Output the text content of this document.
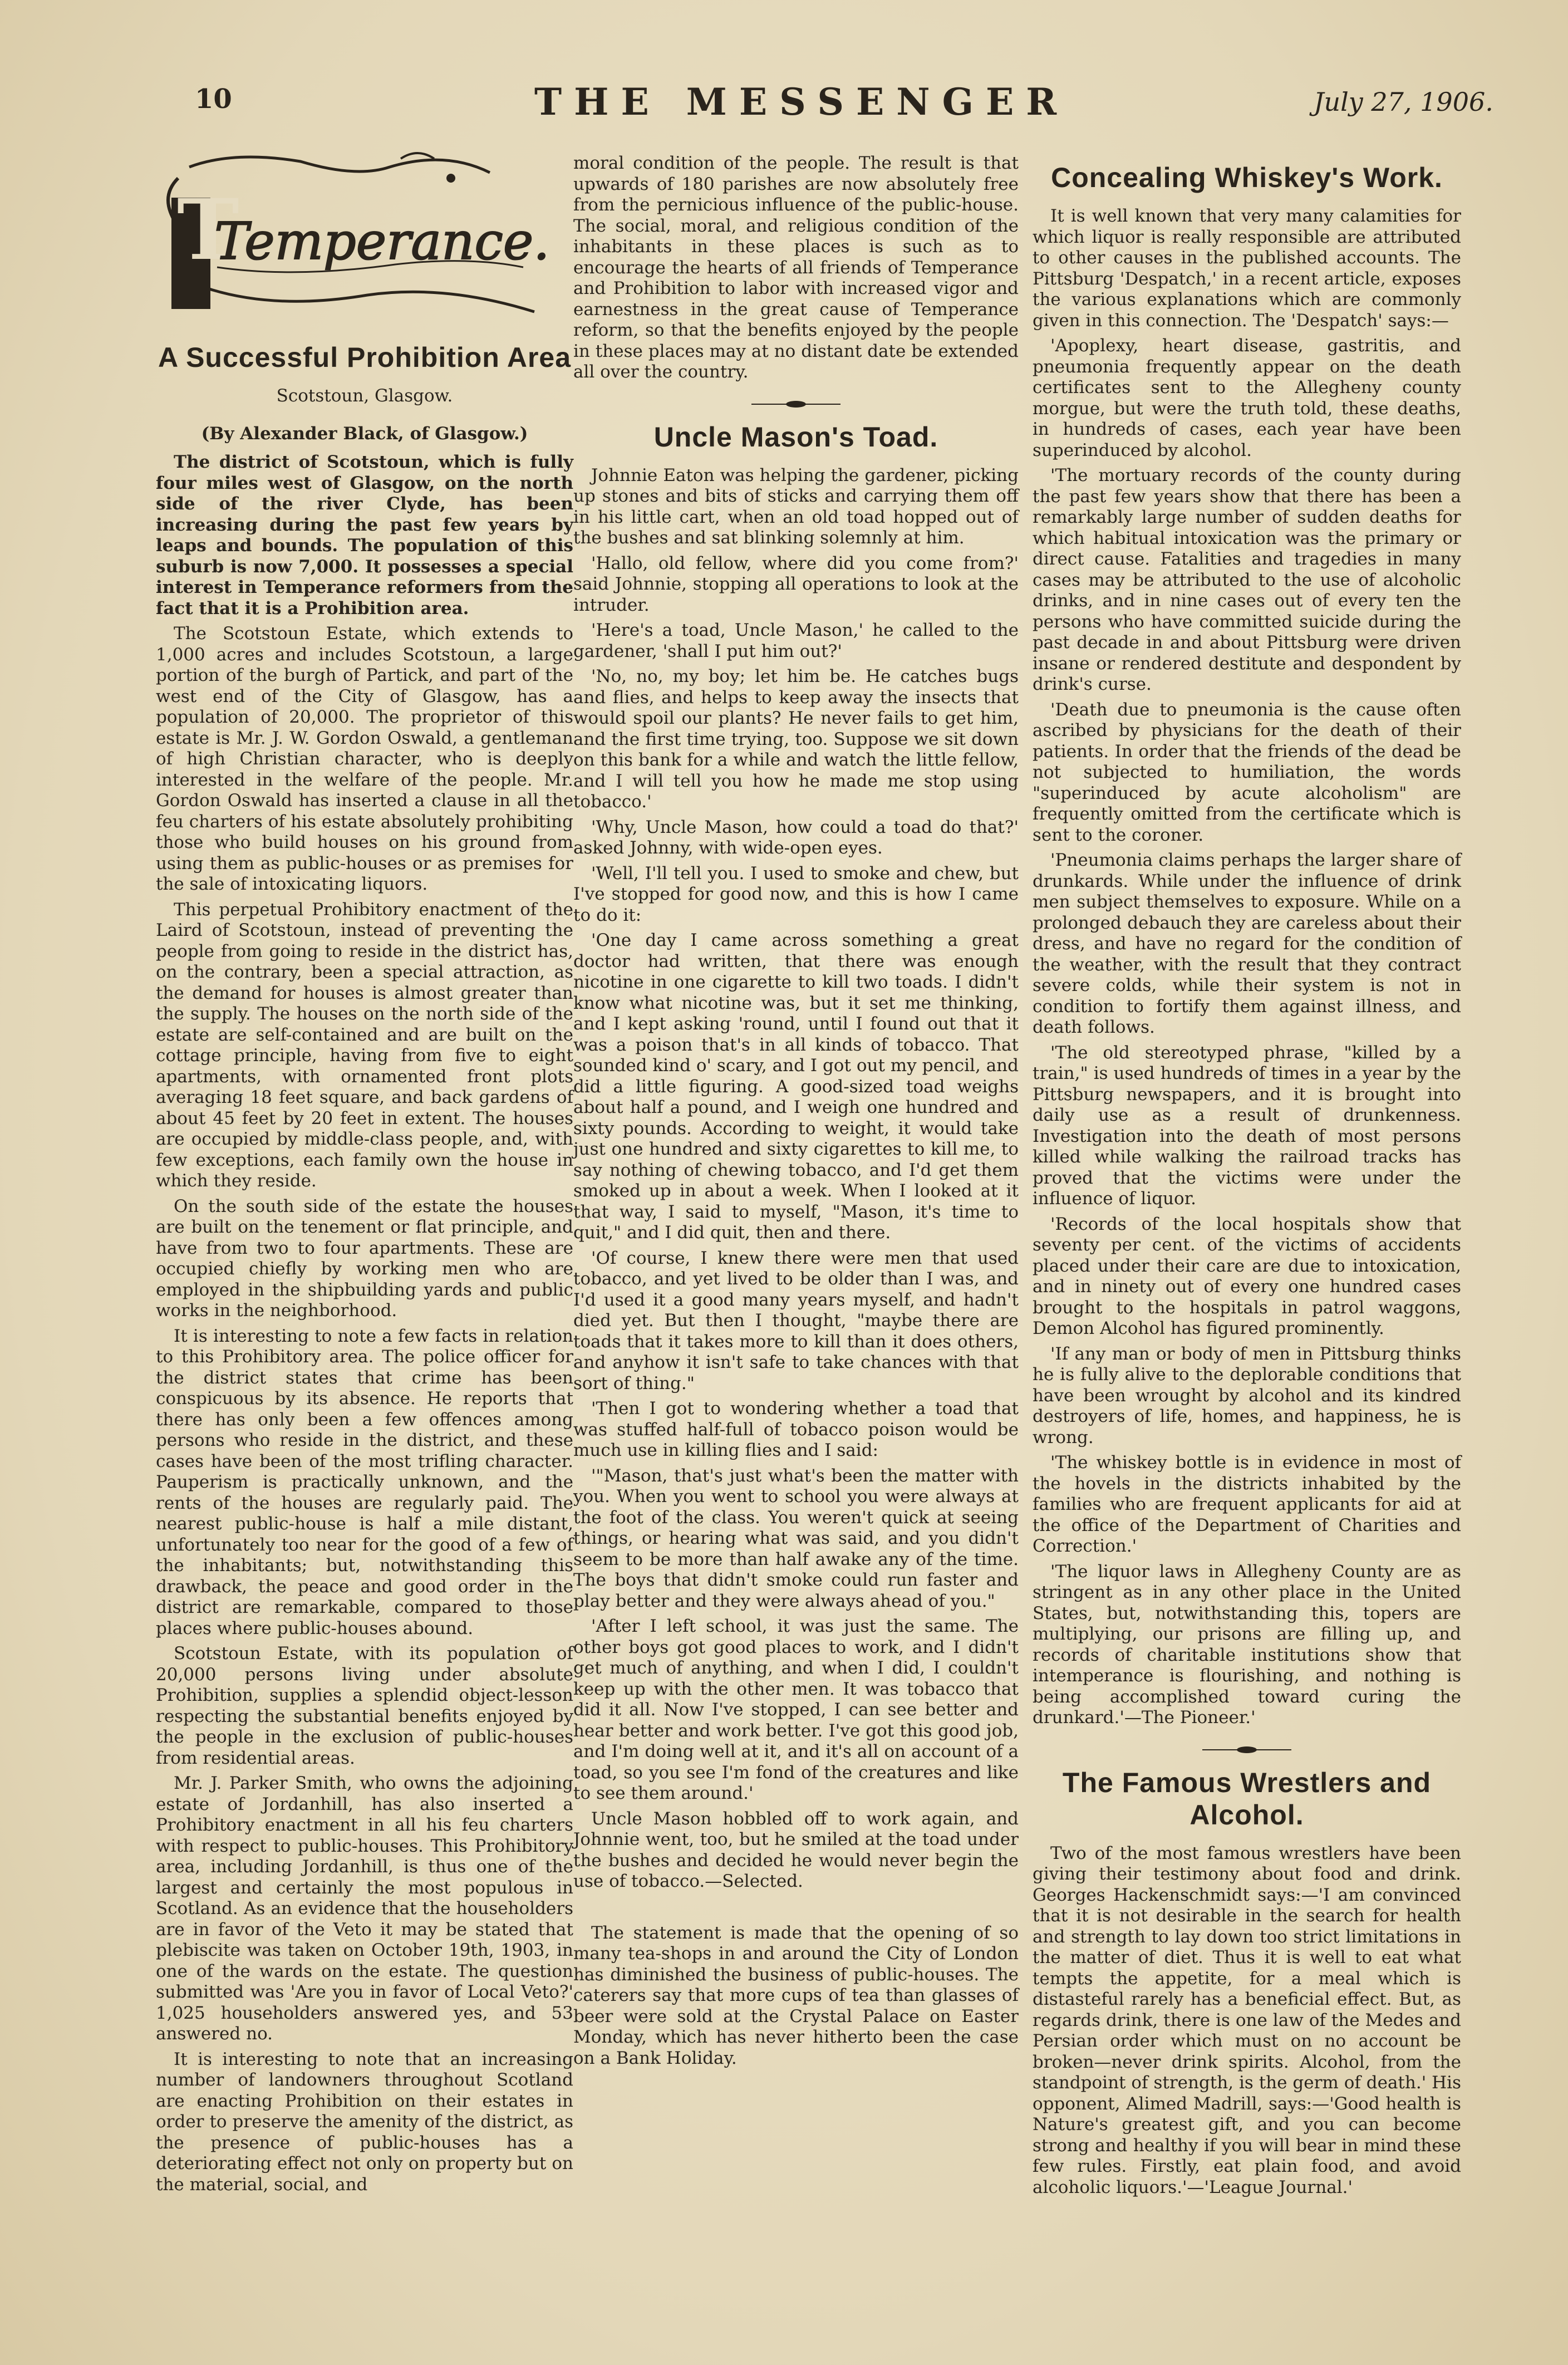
10	THE MESSENGER	July 27, 1906.
T
Temperance.
A Successful Prohibition Area
Scotstoun, Glasgow.
(By Alexander Black, of Glasgow.)

The district of Scotstoun, which is fully four miles west of Glasgow, on the north side of the river Clyde, has been increasing during the past few years by leaps and bounds. The population of this suburb is now 7,000. It possesses a special interest in Temperance reformers from the fact that it is a Prohibition area.

The Scotstoun Estate, which extends to 1,000 acres and includes Scotstoun, a large portion of the burgh of Partick, and part of the west end of the City of Glasgow, has a population of 20,000. The proprietor of this estate is Mr. J. W. Gordon Oswald, a gentleman of high Christian character, who is deeply interested in the welfare of the people. Mr. Gordon Oswald has inserted a clause in all the feu charters of his estate absolutely prohibiting those who build houses on his ground from using them as public-houses or as premises for the sale of intoxicating liquors.

This perpetual Prohibitory enactment of the Laird of Scotstoun, instead of preventing the people from going to reside in the district has, on the contrary, been a special attraction, as the demand for houses is almost greater than the supply. The houses on the north side of the estate are self-contained and are built on the cottage principle, having from five to eight apartments, with ornamented front plots averaging 18 feet square, and back gardens of about 45 feet by 20 feet in extent. The houses are occupied by middle-class people, and, with few exceptions, each family own the house in which they reside.

On the south side of the estate the houses are built on the tenement or flat principle, and have from two to four apartments. These are occupied chiefly by working men who are employed in the shipbuilding yards and public works in the neighborhood.

It is interesting to note a few facts in relation to this Prohibitory area. The police officer for the district states that crime has been conspicuous by its absence. He reports that there has only been a few offences among persons who reside in the district, and these cases have been of the most trifling character. Pauperism is practically unknown, and the rents of the houses are regularly paid. The nearest public-house is half a mile distant, unfortunately too near for the good of a few of the inhabitants; but, notwithstanding this drawback, the peace and good order in the district are remarkable, compared to those places where public-houses abound.

Scotstoun Estate, with its population of 20,000 persons living under absolute Prohibition, supplies a splendid object-lesson respecting the substantial benefits enjoyed by the people in the exclusion of public-houses from residential areas.

Mr. J. Parker Smith, who owns the adjoining estate of Jordanhill, has also inserted a Prohibitory enactment in all his feu charters with respect to public-houses. This Prohibitory area, including Jordanhill, is thus one of the largest and certainly the most populous in Scotland. As an evidence that the householders are in favor of the Veto it may be stated that plebiscite was taken on October 19th, 1903, in one of the wards on the estate. The question submitted was 'Are you in favor of Local Veto?' 1,025 householders answered yes, and 53 answered no.

It is interesting to note that an increasing number of landowners throughout Scotland are enacting Prohibition on their estates in order to preserve the amenity of the district, as the presence of public-houses has a deteriorating effect not only on property but on the material, social, and

moral condition of the people. The result is that upwards of 180 parishes are now absolutely free from the pernicious influence of the public-house. The social, moral, and religious condition of the inhabitants in these places is such as to encourage the hearts of all friends of Temperance and Prohibition to labor with increased vigor and earnestness in the great cause of Temperance reform, so that the benefits enjoyed by the people in these places may at no distant date be extended all over the country.

Uncle Mason's Toad.

Johnnie Eaton was helping the gardener, picking up stones and bits of sticks and carrying them off in his little cart, when an old toad hopped out of the bushes and sat blinking solemnly at him.

'Hallo, old fellow, where did you come from?' said Johnnie, stopping all operations to look at the intruder.

'Here's a toad, Uncle Mason,' he called to the gardener, 'shall I put him out?'

'No, no, my boy; let him be. He catches bugs and flies, and helps to keep away the insects that would spoil our plants? He never fails to get him, and the first time trying, too. Suppose we sit down on this bank for a while and watch the little fellow, and I will tell you how he made me stop using tobacco.'

'Why, Uncle Mason, how could a toad do that?' asked Johnny, with wide-open eyes.

'Well, I'll tell you. I used to smoke and chew, but I've stopped for good now, and this is how I came to do it:

'One day I came across something a great doctor had written, that there was enough nicotine in one cigarette to kill two toads. I didn't know what nicotine was, but it set me thinking, and I kept asking 'round, until I found out that it was a poison that's in all kinds of tobacco. That sounded kind o' scary, and I got out my pencil, and did a little figuring. A good-sized toad weighs about half a pound, and I weigh one hundred and sixty pounds. According to weight, it would take just one hundred and sixty cigarettes to kill me, to say nothing of chewing tobacco, and I'd get them smoked up in about a week. When I looked at it that way, I said to myself, "Mason, it's time to quit," and I did quit, then and there.

'Of course, I knew there were men that used tobacco, and yet lived to be older than I was, and I'd used it a good many years myself, and hadn't died yet. But then I thought, "maybe there are toads that it takes more to kill than it does others, and anyhow it isn't safe to take chances with that sort of thing."

'Then I got to wondering whether a toad that was stuffed half-full of tobacco poison would be much use in killing flies and I said:

'"Mason, that's just what's been the matter with you. When you went to school you were always at the foot of the class. You weren't quick at seeing things, or hearing what was said, and you didn't seem to be more than half awake any of the time. The boys that didn't smoke could run faster and play better and they were always ahead of you."

'After I left school, it was just the same. The other boys got good places to work, and I didn't get much of anything, and when I did, I couldn't keep up with the other men. It was tobacco that did it all. Now I've stopped, I can see better and hear better and work better. I've got this good job, and I'm doing well at it, and it's all on account of a toad, so you see I'm fond of the creatures and like to see them around.'

Uncle Mason hobbled off to work again, and Johnnie went, too, but he smiled at the toad under the bushes and decided he would never begin the use of tobacco.—Selected.

The statement is made that the opening of so many tea-shops in and around the City of London has diminished the business of public-houses. The caterers say that more cups of tea than glasses of beer were sold at the Crystal Palace on Easter Monday, which has never hitherto been the case on a Bank Holiday.

Concealing Whiskey's Work.

It is well known that very many calamities for which liquor is really responsible are attributed to other causes in the published accounts. The Pittsburg 'Despatch,' in a recent article, exposes the various explanations which are commonly given in this connection. The 'Despatch' says:—

'Apoplexy, heart disease, gastritis, and pneumonia frequently appear on the death certificates sent to the Allegheny county morgue, but were the truth told, these deaths, in hundreds of cases, each year have been superinduced by alcohol.

'The mortuary records of the county during the past few years show that there has been a remarkably large number of sudden deaths for which habitual intoxication was the primary or direct cause. Fatalities and tragedies in many cases may be attributed to the use of alcoholic drinks, and in nine cases out of every ten the persons who have committed suicide during the past decade in and about Pittsburg were driven insane or rendered destitute and despondent by drink's curse.

'Death due to pneumonia is the cause often ascribed by physicians for the death of their patients. In order that the friends of the dead be not subjected to humiliation, the words "superinduced by acute alcoholism" are frequently omitted from the certificate which is sent to the coroner.

'Pneumonia claims perhaps the larger share of drunkards. While under the influence of drink men subject themselves to exposure. While on a prolonged debauch they are careless about their dress, and have no regard for the condition of the weather, with the result that they contract severe colds, while their system is not in condition to fortify them against illness, and death follows.

'The old stereotyped phrase, "killed by a train," is used hundreds of times in a year by the Pittsburg newspapers, and it is brought into daily use as a result of drunkenness. Investigation into the death of most persons killed while walking the railroad tracks has proved that the victims were under the influence of liquor.

'Records of the local hospitals show that seventy per cent. of the victims of accidents placed under their care are due to intoxication, and in ninety out of every one hundred cases brought to the hospitals in patrol waggons, Demon Alcohol has figured prominently.

'If any man or body of men in Pittsburg thinks he is fully alive to the deplorable conditions that have been wrought by alcohol and its kindred destroyers of life, homes, and happiness, he is wrong.

'The whiskey bottle is in evidence in most of the hovels in the districts inhabited by the families who are frequent applicants for aid at the office of the Department of Charities and Correction.'

'The liquor laws in Allegheny County are as stringent as in any other place in the United States, but, notwithstanding this, topers are multiplying, our prisons are filling up, and records of charitable institutions show that intemperance is flourishing, and nothing is being accomplished toward curing the drunkard.'—The Pioneer.'

The Famous Wrestlers and Alcohol.

Two of the most famous wrestlers have been giving their testimony about food and drink. Georges Hackenschmidt says:—'I am convinced that it is not desirable in the search for health and strength to lay down too strict limitations in the matter of diet. Thus it is well to eat what tempts the appetite, for a meal which is distasteful rarely has a beneficial effect. But, as regards drink, there is one law of the Medes and Persian order which must on no account be broken—never drink spirits. Alcohol, from the standpoint of strength, is the germ of death.' His opponent, Alimed Madrill, says:—'Good health is Nature's greatest gift, and you can become strong and healthy if you will bear in mind these few rules. Firstly, eat plain food, and avoid alcoholic liquors.'—'League Journal.'
